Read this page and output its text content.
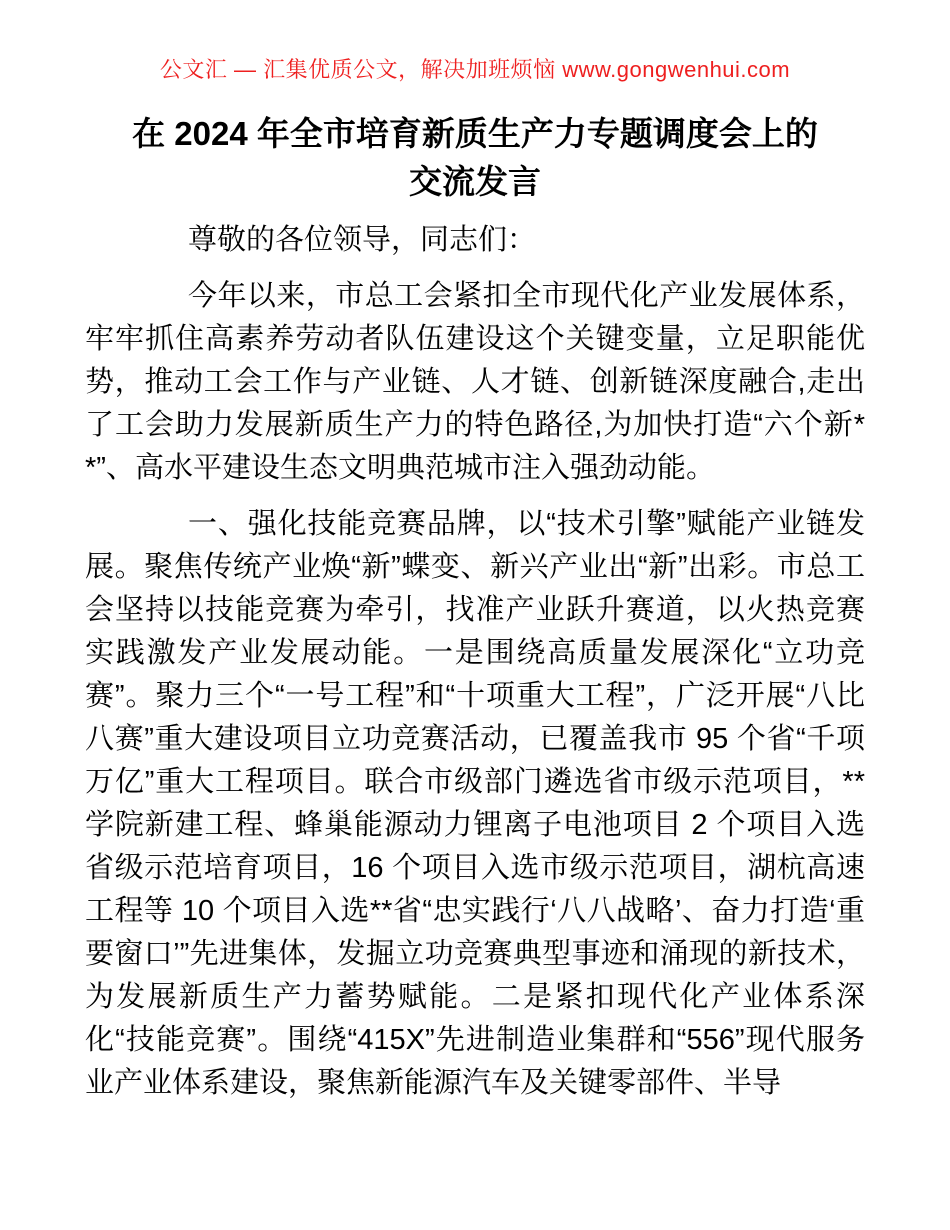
公文汇 — 汇集优质公文，解决加班烦恼 www.gongwenhui.com
在 2024 年全市培育新质生产力专题调度会上的
交流发言

尊敬的各位领导，同志们：

今年以来，市总工会紧扣全市现代化产业发展体系，牢牢抓住高素养劳动者队伍建设这个关键变量，立足职能优势，推动工会工作与产业链、人才链、创新链深度融合,走出了工会助力发展新质生产力的特色路径,为加快打造“六个新**”、高水平建设生态文明典范城市注入强劲动能。

一、强化技能竞赛品牌，以“技术引擎”赋能产业链发展。聚焦传统产业焕“新”蝶变、新兴产业出“新”出彩。市总工会坚持以技能竞赛为牵引，找准产业跃升赛道，以火热竞赛实践激发产业发展动能。一是围绕高质量发展深化“立功竞赛”。聚力三个“一号工程”和“十项重大工程”，广泛开展“八比八赛”重大建设项目立功竞赛活动，已覆盖我市 95 个省“千项万亿”重大工程项目。联合市级部门遴选省市级示范项目，**学院新建工程、蜂巢能源动力锂离子电池项目 2 个项目入选省级示范培育项目，16 个项目入选市级示范项目，湖杭高速工程等 10 个项目入选**省“忠实践行‘八八战略’、奋力打造‘重要窗口’”先进集体，发掘立功竞赛典型事迹和涌现的新技术，为发展新质生产力蓄势赋能。二是紧扣现代化产业体系深化“技能竞赛”。围绕“415X”先进制造业集群和“556”现代服务业产业体系建设，聚焦新能源汽车及关键零部件、半导
